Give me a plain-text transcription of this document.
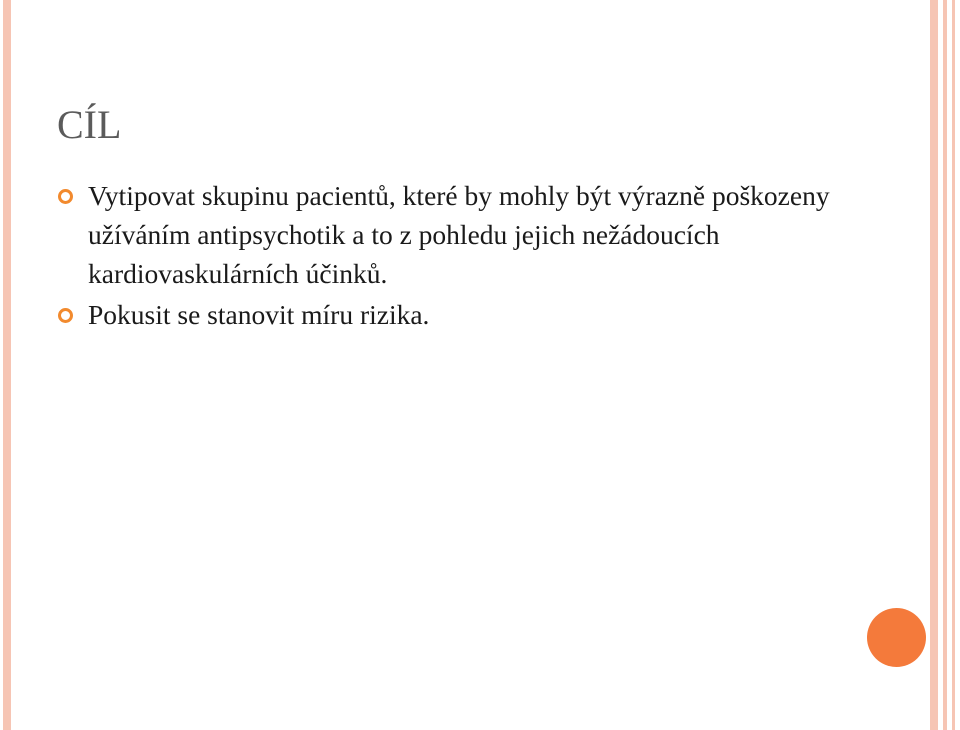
CÍL
Vytipovat skupinu pacientů, které by mohly být výrazně poškozeny užíváním antipsychotik a to z pohledu jejich nežádoucích kardiovaskulárních účinků.
Pokusit se stanovit míru rizika.
